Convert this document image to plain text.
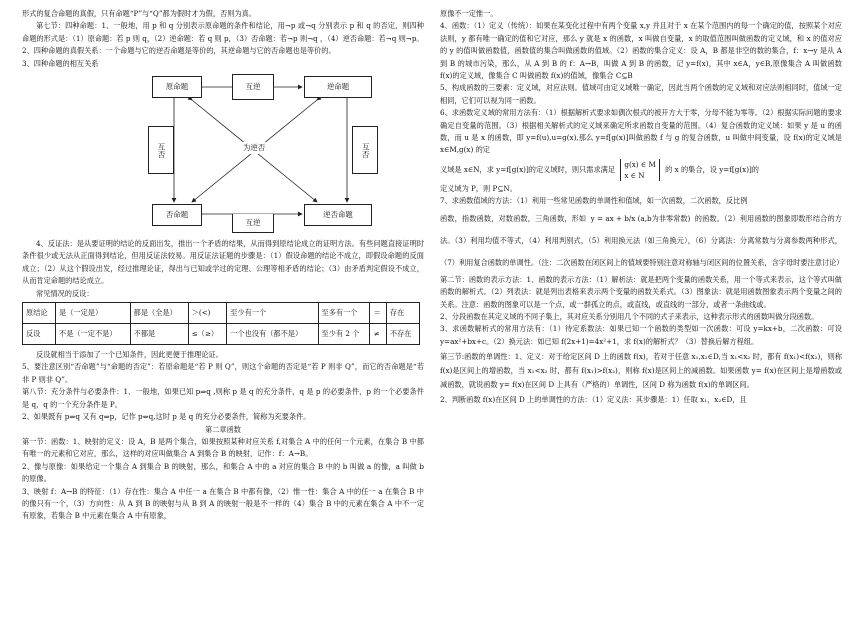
形式的复合命题的真假，只有命题“P”与“Q”都为假时才为假，否则为真。

第七节：四种命题：1、一般地，用 p 和 q 分别表示原命题的条件和结论，用¬p 或¬q 分别表示 p 和 q 的否定，则四种命题的形式是：（1）原命题：若 p 则 q，（2）逆命题：若 q 则 p，（3）否命题：若¬p 则¬q ，（4）逆否命题：若¬q 则¬p。

2、四种命题的真假关系：一个命题与它的逆否命题是等价的，其逆命题与它的否命题也是等价的。

3、四种命题的相互关系

原命题	逆命题
否命题	逆否命题
互逆
互逆
互否	互否
为逆否

4、反证法：是从要证明的结论的反面出发，推出一个矛盾的结果，从而得到原结论成立的证明方法。有些问题直接证明时条件很少或无法从正面得到结论，但用反证法较易。用反证法证题的步骤是：（1）假设命题的结论不成立，即假设命题的反面成立；（2）从这个假设出发，经过推理论证，得出与已知或学过的定理、公理等相矛盾的结论；（3）由矛盾判定假设不成立，从而肯定命题的结论成立。

常见情况的反设：

原结论	是（一定是）	都是（全是）	＞(<)	至少有一个	至多有一个	＝	存在
反设	不是（一定不是）	不都是	≤（≥）	一个也没有（都不是）	至少有 2 个	≠	不存在

反设就相当于添加了一个已知条件，因此更便于推理论证。

5、要注意区别“否命题”与“命题的否定”：若原命题是“若 P 则 Q”，则这个命题的否定是“若 P 则非 Q”，而它的否命题是“若非 P 则非 Q”。

第八节：充分条件与必要条件：1、一般地，如果已知 p⇒q ,则称 p 是 q 的充分条件，q 是 p 的必要条件，p 的一个必要条件是 q，q 的一个充分条件是 P。

2、如果既有 p⇒q 又有 q⇒p，记作 p⇔q,这时 p 是 q 的充分必要条件，简称为充要条件。

第二章函数

第一节：函数：1、映射的定义：设 A，B 是两个集合，如果按照某种对应关系 f,对集合 A 中的任何一个元素，在集合 B 中都有唯一的元素和它对应，那么，这样的对应叫做集合 A 到集合 B 的映射，记作：f：A→B。

2、像与原像：如果给定一个集合 A 到集合 B 的映射，那么，和集合 A 中的 a 对应的集合 B 中的 b 叫做 a 的像，a 叫做 b 的原像。

3、映射 f：A→B 的特征：（1）存在性：集合 A 中任一 a 在集合 B 中都有像，（2）惟一性：集合 A 中的任一 a 在集合 B 中的像只有一个，（3）方向性：从 A 到 B 的映射与从 B 到 A 的映射一般是不一样的（4）集合 B 中的元素在集合 A 中不一定有原象，若集合 B 中元素在集合 A 中有原象，

原像不一定惟一。

4、函数：（1）定义（传统）：如果在某变化过程中有两个变量 x,y 并且对于 x 在某个范围内的每一个确定的值，按照某个对应法则，y 都有唯一确定的值和它对应，那么 y 就是 x 的函数，x 叫做自变量，x 的取值范围叫做函数的定义域，和 x 的值对应的 y 的值叫做函数值，函数值的集合叫做函数的值域。（2）函数的集合定义：设 A，B 都是非空的数的集合，f：x→y 是从 A 到 B 的城市污染，那么，从 A 到 B 的 f：A→B，叫做 A 到 B 的函数，记 y=f(x)，其中 x∈A，y∈B,原像集合 A 叫做函数 f(x)的定义域，像集合 C 叫做函数 f(x)的值域，像集合 C⊆B

5、构成函数的三要素：定义域，对应法则。值域可由定义域唯一确定，因此当两个函数的定义域和对应法则相同时，值域一定相同，它们可以视为同一函数。

6、求函数定义域的常用方法有：（1）根据解析式要求如偶次根式的被开方大于零，分母不能为零等。（2）根据实际问题的要求确定自变量的范围。（3）根据相关解析式的定义域来确定所求函数自变量的范围。（4）复合函数的定义域：如果 y 是 u 的函数，而 u 是 x 的函数，即 y=f(u),u=g(x),那么 y=f[g(x)]叫做函数 f 与 g 的复合函数，u 叫做中间变量，设 f(x)的定义域是 x∈M,g(x) 的定

义域是 x∈N，求 y=f[g(x)]的定义域时，则只需求满足
g(x) ∈ M
x ∈ N
的 x 的集合，设 y=f[g(x)]的

定义域为 P，则 P⊆N。

7、求函数值域的方法：（1）利用一些常见函数的单调性和值域，如一次函数，二次函数，反比例

函数，指数函数，对数函数，三角函数，形如 y = ax + b/x (a,b为非零常数) 的函数。（2）利用函数的图象即数形结合的方法。（3）利用均值不等式，（4）利用判别式，（5）利用换元法（如三角换元），（6）分离法：分离常数与分离参数两种形式，（7）利用复合函数的单调性。（注：二次函数在闭区间上的值域要特别注意对称轴与闭区间的位置关系，含字母时要注意讨论）

第二节：函数的表示方法：1、函数的表示方法：（1）解析法：就是把两个变量的函数关系，用一个等式来表示，这个等式叫做函数的解析式。（2）列表法：就是列出表格来表示两个变量的函数关系式。（3）图象法：就是用函数图象表示两个变量之间的关系。注意：函数的图象可以是一个点，或一群孤立的点，或直线，或直线的一部分，或者一条曲线或。

2、分段函数在其定义域的不同子集上，其对应关系分别用几个不同的式子来表示，这种表示形式的函数叫做分段函数。

3、求函数解析式的常用方法有：（1）待定系数法：如果已知一个函数的类型如一次函数：可设 y=kx+b，二次函数：可设 y=ax²+bx+c。（2）换元法：如已知 f(2x+1)=4x²+1，求 f(x)的解析式？（3）替换后解方程组。

第三节:函数的单调性：1、定义：对于给定区间 D 上的函数 f(x)，若对于任意 x₁,x₂∈D,当 x₁<x₂ 时，都有 f(x₁)<f(x₂)，则称 f(x)是区间上的增函数，当 x₁<x₂ 时，都有 f(x₁)>f(x₂)，则称 f(x)是区间上的减函数。如果函数 y= f(x)在区间上是增函数或减函数，就说函数 y= f(x)在区间 D 上具有（严格的）单调性，区间 D 称为函数 f(x)的单调区间。

2、判断函数 f(x)在区间 D 上的单调性的方法：（1）定义法：其步骤是：1）任取 x₁，x₂∈D，且
